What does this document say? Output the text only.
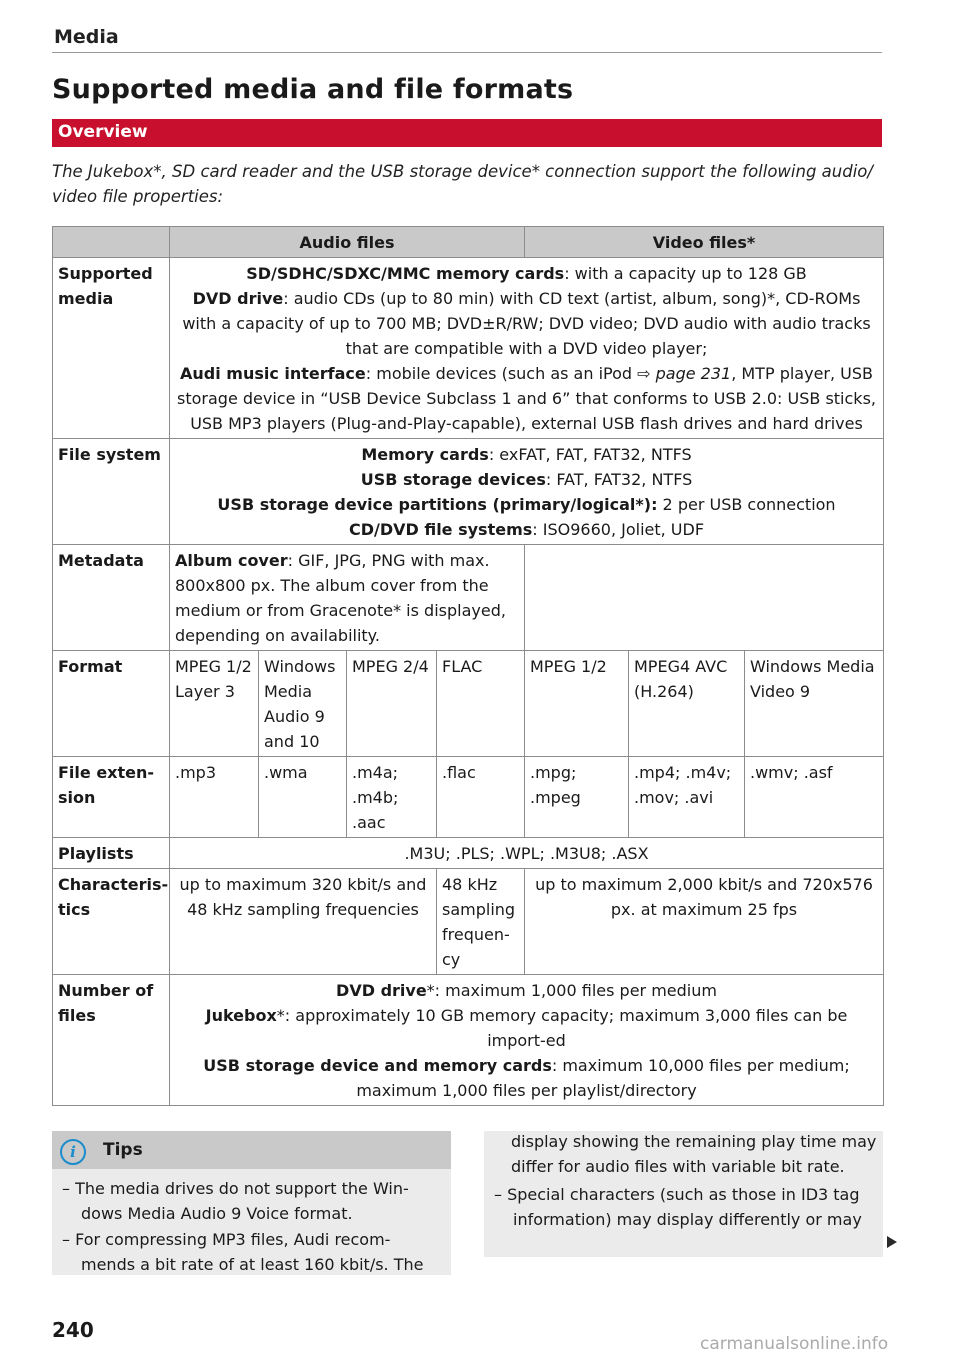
Media
Supported media and file formats
Overview
The Jukebox*, SD card reader and the USB storage device* connection support the following audio/ video file properties:
	Audio files				Video files*		
Supported media	SD/SDHC/SDXC/MMC memory cards: with a capacity up to 128 GB
DVD drive: audio CDs (up to 80 min) with CD text (artist, album, song)*, CD-ROMs with a capacity of up to 700 MB; DVD±R/RW; DVD video; DVD audio with audio tracks that are compatible with a DVD video player;
Audi music interface: mobile devices (such as an iPod ⇨ page 231, MTP player, USB storage device in “USB Device Subclass 1 and 6” that conforms to USB 2.0: USB sticks, USB MP3 players (Plug-and-Play-capable), external USB flash drives and hard drives						
File system	Memory cards: exFAT, FAT, FAT32, NTFS
USB storage devices: FAT, FAT32, NTFS
USB storage device partitions (primary/logical*): 2 per USB connection
CD/DVD file systems: ISO9660, Joliet, UDF						
Metadata	Album cover: GIF, JPG, PNG with max. 800x800 px. The album cover from the medium or from Gracenote* is displayed, depending on availability.						
Format	MPEG 1/2 Layer 3	Windows Media Audio 9 and 10	MPEG 2/4	FLAC	MPEG 1/2	MPEG4 AVC (H.264)	Windows Media Video 9
File exten-sion	.mp3	.wma	.m4a; .m4b; .aac	.flac	.mpg; .mpeg	.mp4; .m4v; .mov; .avi	.wmv; .asf
Playlists	.M3U; .PLS; .WPL; .M3U8; .ASX						
Characteris-tics	up to maximum 320 kbit/s and 48 kHz sampling frequencies			48 kHz sampling frequen-cy	up to maximum 2,000 kbit/s and 720x576 px. at maximum 25 fps		
Number of files	DVD drive*: maximum 1,000 files per medium
Jukebox*: approximately 10 GB memory capacity; maximum 3,000 files can be import-ed
USB storage device and memory cards: maximum 10,000 files per medium; maximum 1,000 files per playlist/directory						
i	Tips
– The media drives do not support the Win-dows Media Audio 9 Voice format.
– For compressing MP3 files, Audi recom-mends a bit rate of at least 160 kbit/s. The
display showing the remaining play time may differ for audio files with variable bit rate.
– Special characters (such as those in ID3 tag information) may display differently or may
240
carmanualsonline.info
